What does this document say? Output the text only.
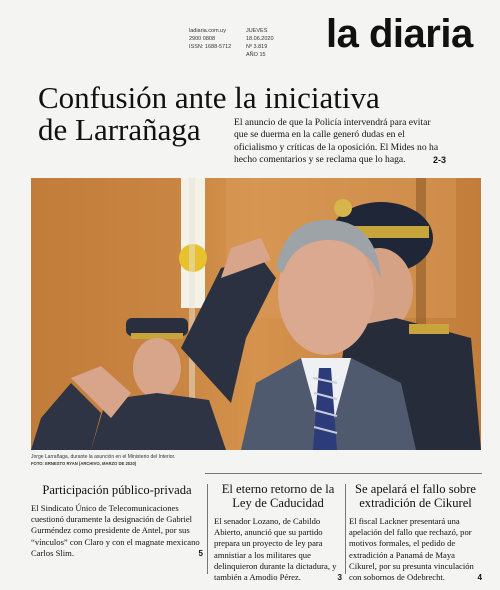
ladiaria.com.uy
2900 0808
ISSN: 1688-5712
JUEVES
18.06.2020
Nº 3.819
AÑO 15 la diaria
Confusión ante la iniciativa
de Larrañaga	El anuncio de que la Policía intervendrá para evitar que se duerma en la calle generó dudas en el oficialismo y críticas de la oposición. El Mides no ha hecho comentarios y se reclama que lo haga.	2-3
Jorge Larrañaga, durante la asunción en el Ministerio del Interior.
FOTO: ERNESTO RYAN (ARCHIVO, MARZO DE 2020)
Participación público-privada

El Sindicato Único de Telecomunicaciones cuestionó duramente la designación de Gabriel Gurméndez como presidente de Antel, por sus “vínculos” con Claro y con el magnate mexicano Carlos Slim.	5

El eterno retorno de la Ley de Caducidad

El senador Lozano, de Cabildo Abierto, anunció que su partido prepara un proyecto de ley para amnistiar a los militares que delinquieron durante la dictadura, y también a Amodio Pérez.	3

Se apelará el fallo sobre extradición de Cikurel

El fiscal Lackner presentará una apelación del fallo que rechazó, por motivos formales, el pedido de extradición a Panamá de Maya Cikurel, por su presunta vinculación con sobornos de Odebrecht.	4
